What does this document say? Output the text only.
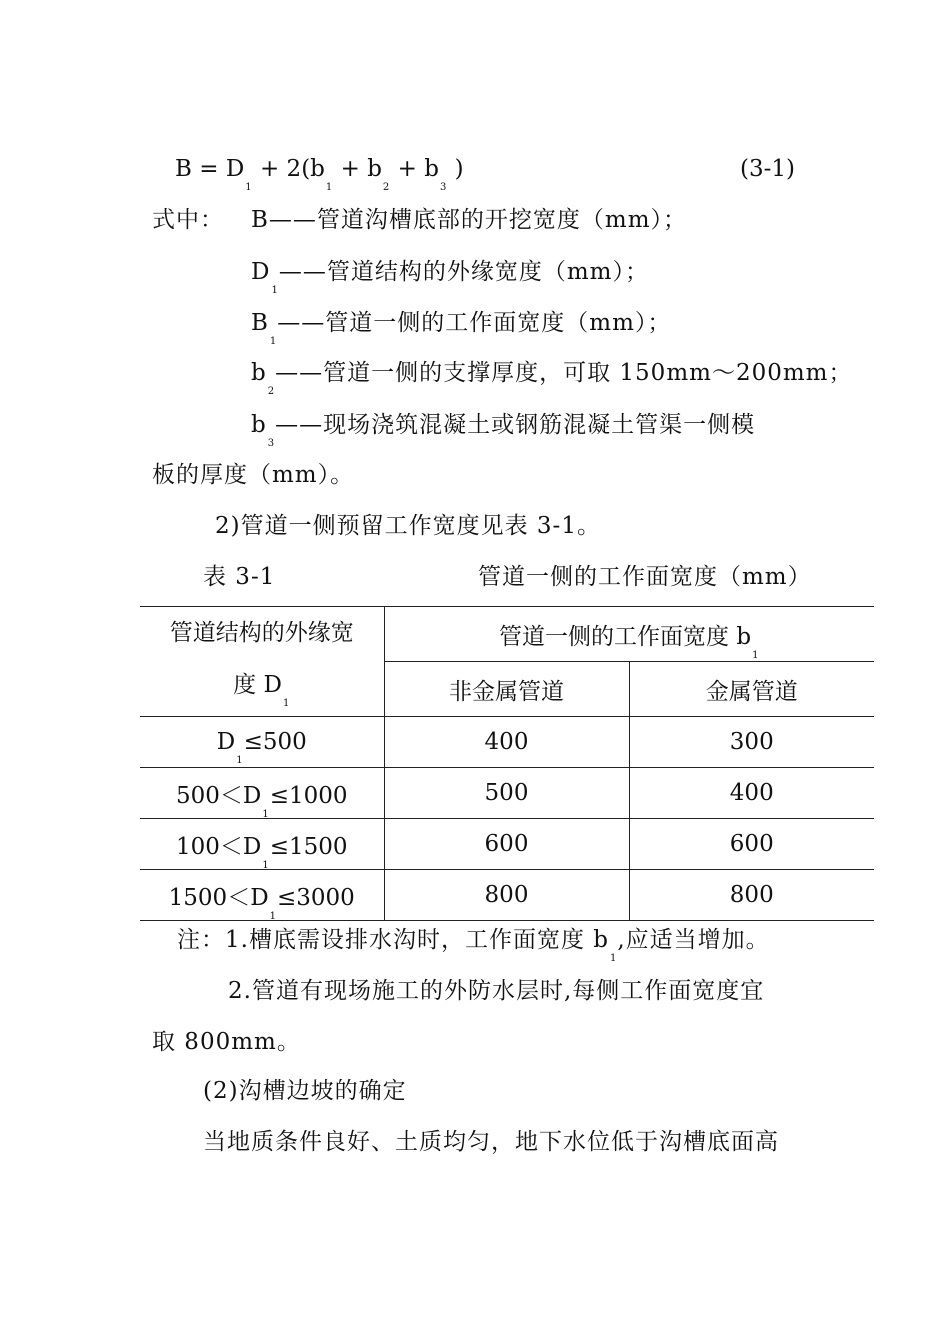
$B = D_1 + 2(b_1 + b_2 + b_3$ )	(3-1)
式中： B——管道沟槽底部的开挖宽度（mm）；
$D_1——$管道结构的外缘宽度（mm）；
$B_1——$管道一侧的工作面宽度（mm）；
$b_2——$管道一侧的支撑厚度，可取 150mm～200mm；
$b_3——$现场浇筑混凝土或钢筋混凝土管渠一侧模
板的厚度（mm）。
2)管道一侧预留工作宽度见表 3-1。
表 3-1	管道一侧的工作面宽度（mm）
管道结构的外缘宽
度 $D_1$	管道一侧的工作面宽度 $b_1$
	非金属管道	金属管道
$D_1\le 500$	400	300
$500<D_1\le 1000$	500	400
$100<D_1\le 1500$	600	600
$1500<D_1\le 3000$	800	800
注：1.槽底需设排水沟时，工作面宽度 $b_1$,应适当增加。
2.管道有现场施工的外防水层时,每侧工作面宽度宜
取 800mm。
(2)沟槽边坡的确定
当地质条件良好、土质均匀，地下水位低于沟槽底面高
